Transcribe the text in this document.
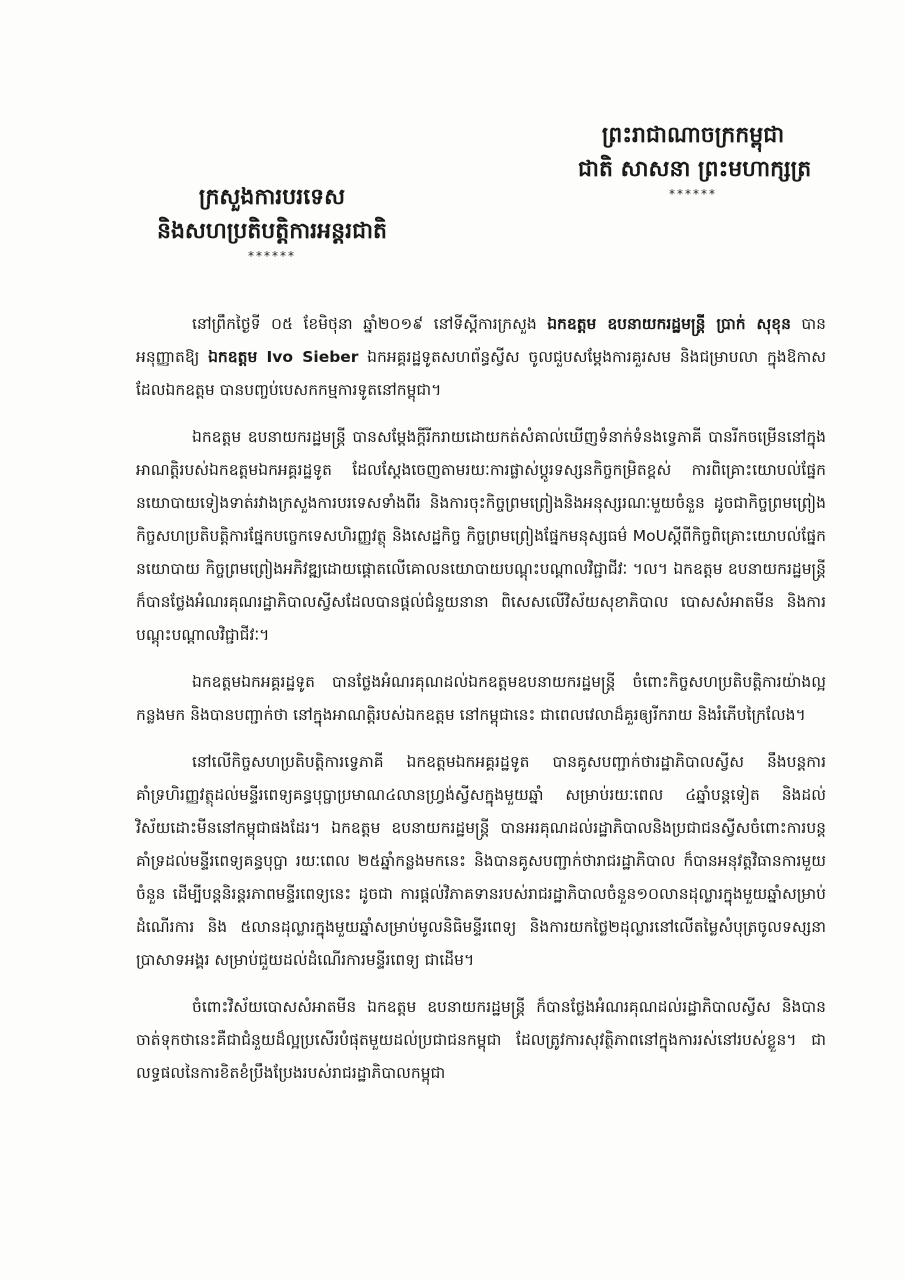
ព្រះរាជាណាចក្រកម្ពុជា
ជាតិ សាសនា ព្រះមហាក្សត្រ
******
ក្រសួងការបរទេស
និងសហប្រតិបត្តិការអន្តរជាតិ
******

នៅព្រឹកថ្ងៃទី ០៥ ខែមិថុនា ឆ្នាំ២០១៩ នៅទីស្តីការក្រសួង ឯកឧត្តម ឧបនាយករដ្ឋមន្ត្រី ប្រាក់ សុខុន បានអនុញ្ញាតឱ្យ ឯកឧត្តម Ivo Sieber ឯកអគ្គរដ្ឋទូតសហព័ន្ធស្វីស ចូលជួបសម្តែងការគួរសម និងជម្រាបលា ក្នុងឱកាសដែលឯកឧត្តម បានបញ្ចប់បេសកកម្មការទូតនៅកម្ពុជា។

ឯកឧត្តម ឧបនាយករដ្ឋមន្ត្រី បានសម្តែងក្តីរីករាយដោយកត់សំគាល់ឃើញទំនាក់ទំនងទ្វេភាគី បានរីកចម្រើននៅក្នុងអាណត្តិរបស់ឯកឧត្តមឯកអគ្គរដ្ឋទូត ដែលស្តែងចេញតាមរយៈការផ្លាស់ប្តូរទស្សនកិច្ចកម្រិតខ្ពស់ ការពិគ្រោះយោបល់ផ្នែកនយោបាយទៀងទាត់រវាងក្រសួងការបរទេសទាំងពីរ និងការចុះកិច្ចព្រមព្រៀងនិងអនុស្សរណៈមួយចំនួន ដូចជាកិច្ចព្រមព្រៀងកិច្ចសហប្រតិបត្តិការផ្នែកបច្ចេកទេសហិរញ្ញវត្ថុ និងសេដ្ឋកិច្ច កិច្ចព្រមព្រៀងផ្នែកមនុស្សធម៌ MoUស្តីពីកិច្ចពិគ្រោះយោបល់ផ្នែកនយោបាយ កិច្ចព្រមព្រៀងអភិវឌ្ឍដោយផ្តោតលើគោលនយោបាយបណ្តុះបណ្តាលវិជ្ជាជីវៈ ។ល។ ឯកឧត្តម ឧបនាយករដ្ឋមន្ត្រី ក៏បានថ្លែងអំណរគុណរដ្ឋាភិបាលស្វីសដែលបានផ្តល់ជំនួយនានា ពិសេសលើវិស័យសុខាភិបាល បោសសំអាតមីន និងការបណ្តុះបណ្តាលវិជ្ជាជីវៈ។

ឯកឧត្តមឯកអគ្គរដ្ឋទូត បានថ្លែងអំណរគុណដល់ឯកឧត្តមឧបនាយករដ្ឋមន្ត្រី ចំពោះកិច្ចសហប្រតិបត្តិការយ៉ាងល្អកន្លងមក និងបានបញ្ជាក់ថា នៅក្នុងអាណត្តិរបស់ឯកឧត្តម នៅកម្ពុជានេះ ជាពេលវេលាដ៏គួរឲ្យរីករាយ និងរំភើបក្រៃលែង។

នៅលើកិច្ចសហប្រតិបត្តិការទ្វេភាគី ឯកឧត្តមឯកអគ្គរដ្ឋទូត បានគូសបញ្ជាក់ថារដ្ឋាភិបាលស្វីស នឹងបន្តការគាំទ្រហិរញ្ញវត្ថុដល់មន្ទីរពេទ្យគន្ធបុប្ផាប្រមាណ៤លានហ្វ្រង់ស្វីសក្នុងមួយឆ្នាំ សម្រាប់រយៈពេល ៤ឆ្នាំបន្តទៀត និងដល់វិស័យដោះមីននៅកម្ពុជាផងដែរ។ ឯកឧត្តម ឧបនាយករដ្ឋមន្ត្រី បានអរគុណដល់រដ្ឋាភិបាលនិងប្រជាជនស្វីសចំពោះការបន្តគាំទ្រដល់មន្ទីរពេទ្យគន្ធបុប្ផា រយៈពេល ២៥ឆ្នាំកន្លងមកនេះ និងបានគូសបញ្ជាក់ថារាជរដ្ឋាភិបាល ក៏បានអនុវត្តវិធានការមួយចំនួន ដើម្បីបន្តនិរន្តរភាពមន្ទីរពេទ្យនេះ ដូចជា ការផ្តល់វិភាគទានរបស់រាជរដ្ឋាភិបាលចំនួន១០លានដុល្លារក្នុងមួយឆ្នាំសម្រាប់ដំណើរការ និង ៥លានដុល្លារក្នុងមួយឆ្នាំសម្រាប់មូលនិធិមន្ទីរពេទ្យ និងការយកថ្លៃ២ដុល្លារនៅលើតម្លៃសំបុត្រចូលទស្សនាប្រាសាទអង្គរ សម្រាប់ជួយដល់ដំណើរការមន្ទីរពេទ្យ ជាដើម។

ចំពោះវិស័យបោសសំអាតមីន ឯកឧត្តម ឧបនាយករដ្ឋមន្ត្រី ក៏បានថ្លែងអំណរគុណដល់រដ្ឋាភិបាលស្វីស និងបានចាត់ទុកថានេះគឺជាជំនួយដ៏ល្អប្រសើរបំផុតមួយដល់ប្រជាជនកម្ពុជា ដែលត្រូវការសុវត្ថិភាពនៅក្នុងការរស់នៅរបស់ខ្លួន។ ជាលទ្ធផលនៃការខិតខំប្រឹងប្រែងរបស់រាជរដ្ឋាភិបាលកម្ពុជា
